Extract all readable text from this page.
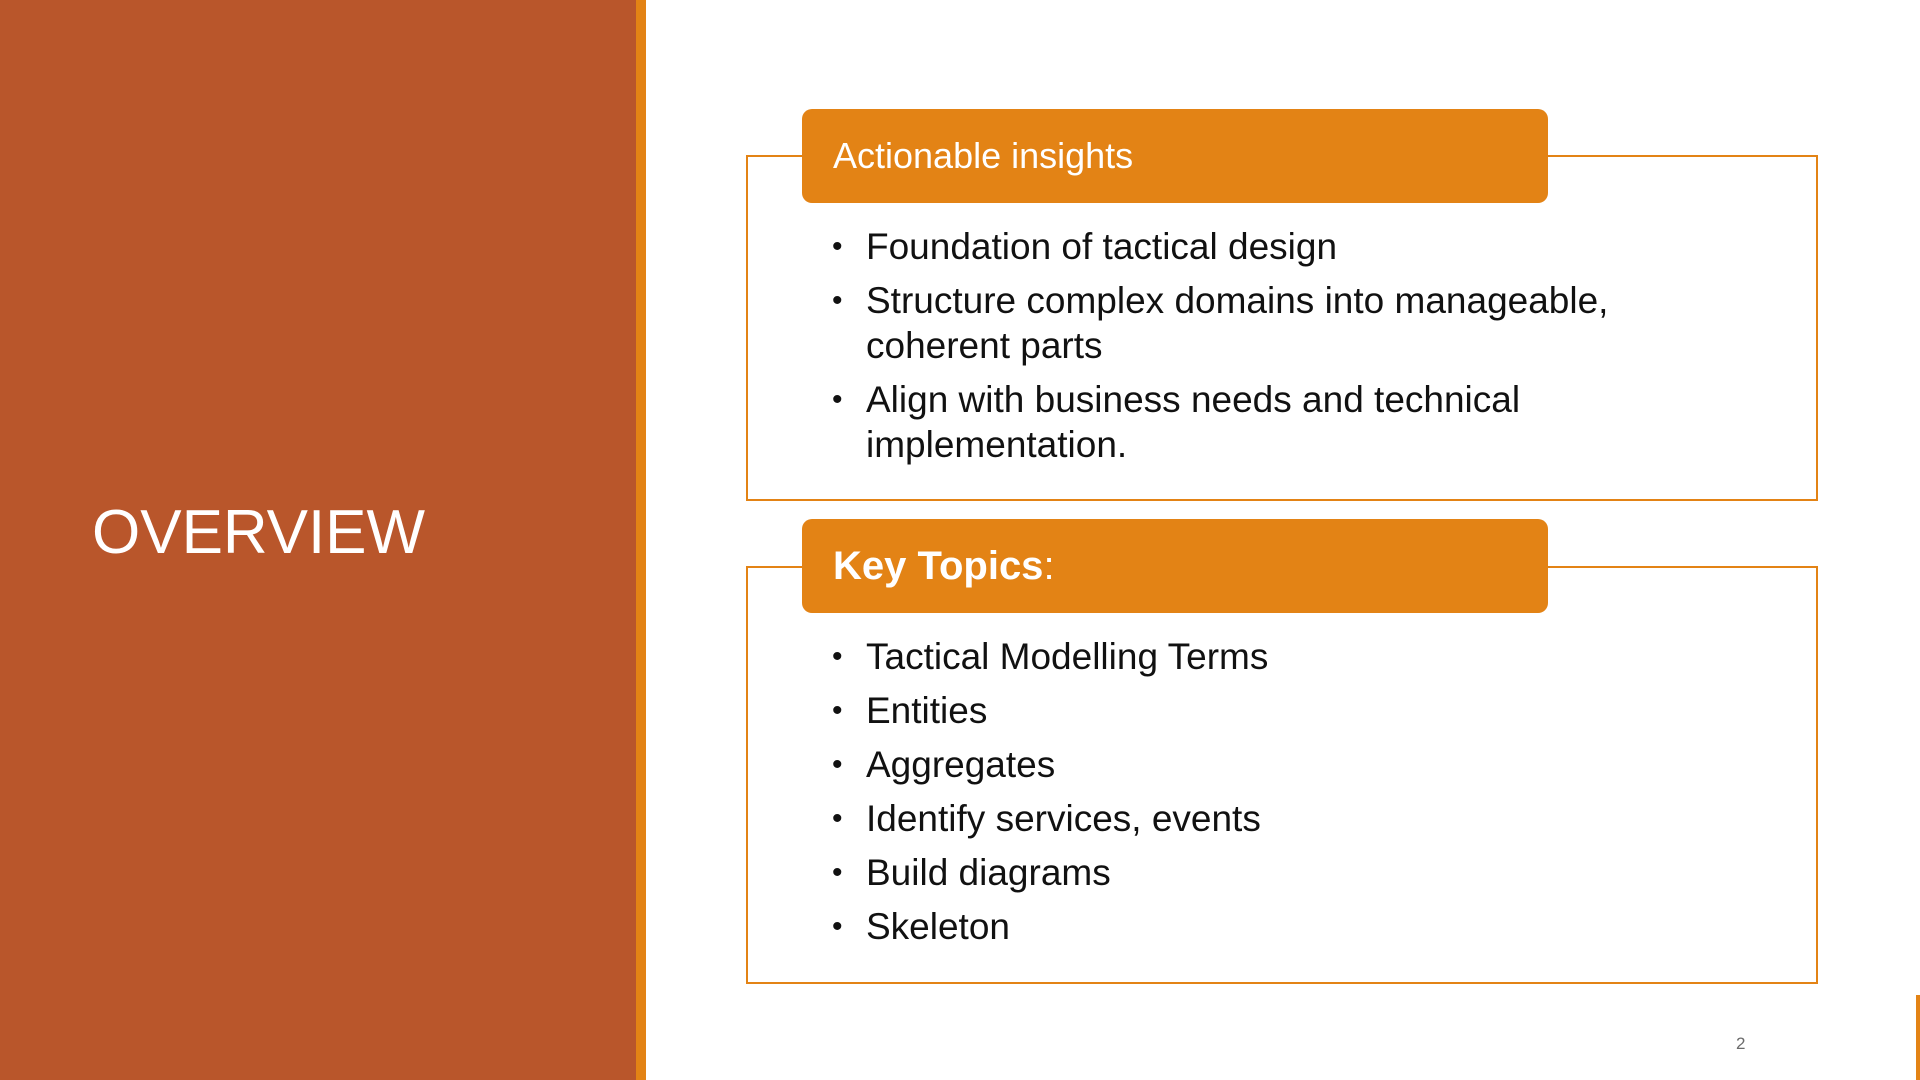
OVERVIEW
Actionable insights
• Foundation of tactical design
• Structure complex domains into manageable, coherent parts
• Align with business needs and technical implementation.
Key Topics :
• Tactical Modelling Terms
• Entities
• Aggregates
• Identify services, events
• Build diagrams
• Skeleton
2
